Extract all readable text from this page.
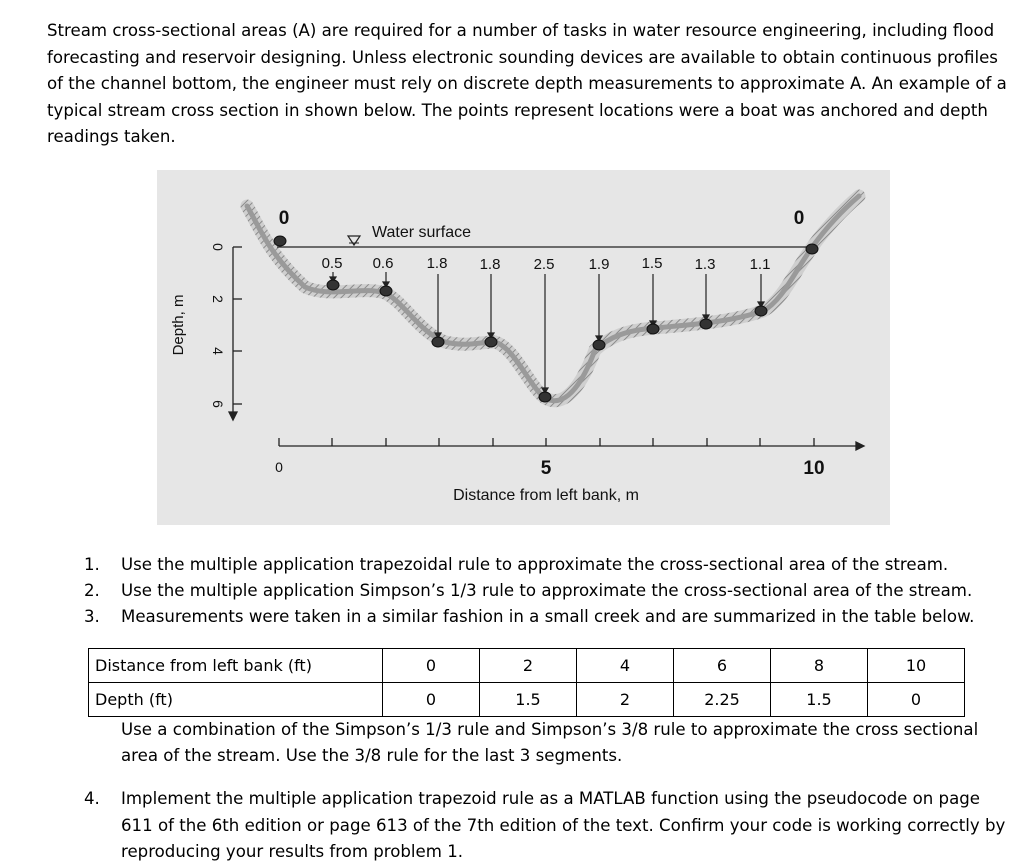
Stream cross-sectional areas (A) are required for a number of tasks in water resource engineering, including flood forecasting and reservoir designing. Unless electronic sounding devices are available to obtain continuous profiles of the channel bottom, the engineer must rely on discrete depth measurements to approximate A. An example of a typical stream cross section in shown below. The points represent locations were a boat was anchored and depth readings taken.

Water surface
0	0
0.5 0.6 1.8 1.8 2.5 1.9 1.5 1.3 1.1
0
2
4
6
Depth, m
0	5	10
Distance from left bank, m
1. Use the multiple application trapezoidal rule to approximate the cross-sectional area of the stream.
2. Use the multiple application Simpson’s 1/3 rule to approximate the cross-sectional area of the stream.
3. Measurements were taken in a similar fashion in a small creek and are summarized in the table below.
Distance from left bank (ft)	0	2	4	6	8	10
Depth (ft)	0	1.5	2	2.25	1.5	0

Use a combination of the Simpson’s 1/3 rule and Simpson’s 3/8 rule to approximate the cross sectional area of the stream. Use the 3/8 rule for the last 3 segments.

4. Implement the multiple application trapezoid rule as a MATLAB function using the pseudocode on page 611 of the 6th edition or page 613 of the 7th edition of the text. Confirm your code is working correctly by reproducing your results from problem 1.
